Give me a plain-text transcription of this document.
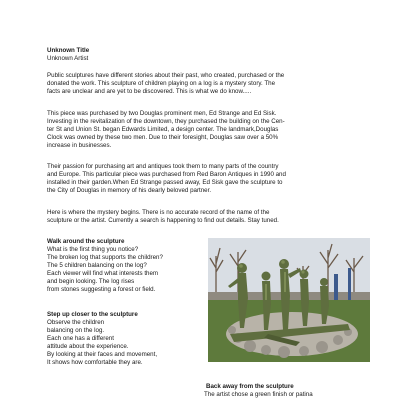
Unknown Title

Unknown Artist

Public sculptures have different stories about their past, who created, purchased or the

donated the work. This sculpture of children playing on a log is a mystery story. The

facts are unclear and are yet to be discovered. This is what we do know.....

This piece was purchased by two Douglas prominent men, Ed Strange and Ed Sisk.

Investing in the revitalization of the downtown, they purchased the building on the Cen-

ter St and Union St. began Edwards Limited, a design center. The landmark,Douglas

Clock was owned by these two men. Due to their foresight, Douglas saw over a 50%

increase in businesses.

Their passion for purchasing art and antiques took them to many parts of the country

and Europe. This particular piece was purchased from Red Baron Antiques in 1990 and

installed in their garden.When Ed Strange passed away, Ed Sisk gave the sculpture to

the City of Douglas in memory of his dearly beloved partner.

Here is where the mystery begins. There is no accurate record of the name of the

sculpture or the artist. Currently a search is happening to find out details. Stay tuned.

Walk around the sculpture

What is the first thing you notice?

The broken log that supports the children?

The 5 children balancing on the log?

Each viewer will find what interests them

and begin looking. The log rises

from stones suggesting a forest or field.

Step up closer to the sculpture

Observe the children

balancing on the log.

Each one has a different

attitude about the experience.

By looking at their faces and movement,

It shows how comfortable they are.

Back away from the sculpture

The artist chose a green finish or patina
